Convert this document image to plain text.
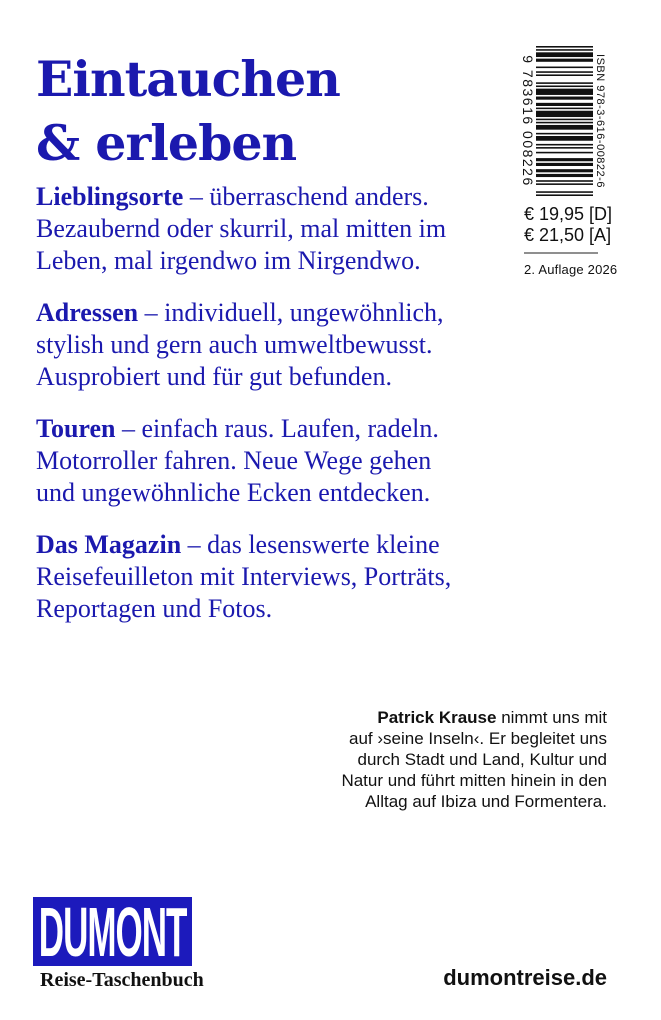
Eintauchen
& erleben	ISBN 978-3-616-00822-6
9 783616 008226
€ 19,95 [D]
€ 21,50 [A]
2. Auflage 2026

Lieblingsorte – überraschend anders.
Bezaubernd oder skurril, mal mitten im
Leben, mal irgendwo im Nirgendwo.

Adressen – individuell, ungewöhnlich,
stylish und gern auch umweltbewusst.
Ausprobiert und für gut befunden.

Touren – einfach raus. Laufen, radeln.
Motorroller fahren. Neue Wege gehen
und ungewöhnliche Ecken entdecken.

Das Magazin – das lesenswerte kleine
Reisefeuilleton mit Interviews, Porträts,
Reportagen und Fotos.

Patrick Krause nimmt uns mit
auf ›seine Inseln‹. Er begleitet uns
durch Stadt und Land, Kultur und
Natur und führt mitten hinein in den
Alltag auf Ibiza und Formentera.
DUMONT
Reise-Taschenbuch	dumontreise.de
